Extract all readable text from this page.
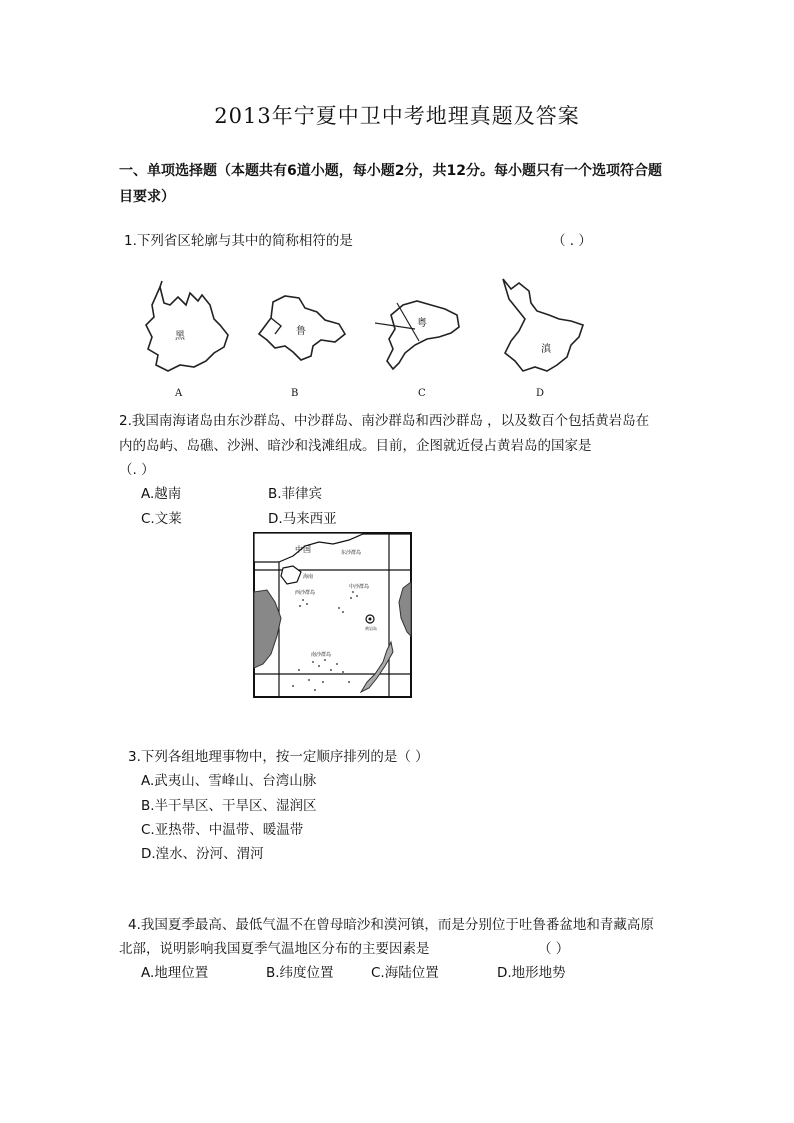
2013年宁夏中卫中考地理真题及答案
一、单项选择题（本题共有6道小题，每小题2分，共12分。每小题只有一个选项符合题
目要求）
1.下列省区轮廓与其中的简称相符的是	（ . ）
黑
A
鲁
B
粤
C
滇
D
2.我国南海诸岛由东沙群岛、中沙群岛、南沙群岛和西沙群岛 ，以及数百个包括黄岩岛在
内的岛屿、岛礁、沙洲、暗沙和浅滩组成。目前，企图就近侵占黄岩岛的国家是
（. ）
A.越南	B.菲律宾
C.文莱	D.马来西亚
中国	东沙群岛
西沙群岛
中沙群岛
南沙群岛
海南
黄岩岛
3.下列各组地理事物中，按一定顺序排列的是（ ）
A.武夷山、雪峰山、台湾山脉
B.半干旱区、干旱区、湿润区
C.亚热带、中温带、暖温带
D.湟水、汾河、渭河
4.我国夏季最高、最低气温不在曾母暗沙和漠河镇，而是分别位于吐鲁番盆地和青藏高原
北部，说明影响我国夏季气温地区分布的主要因素是	（ ）
A.地理位置	B.纬度位置	C.海陆位置	D.地形地势
